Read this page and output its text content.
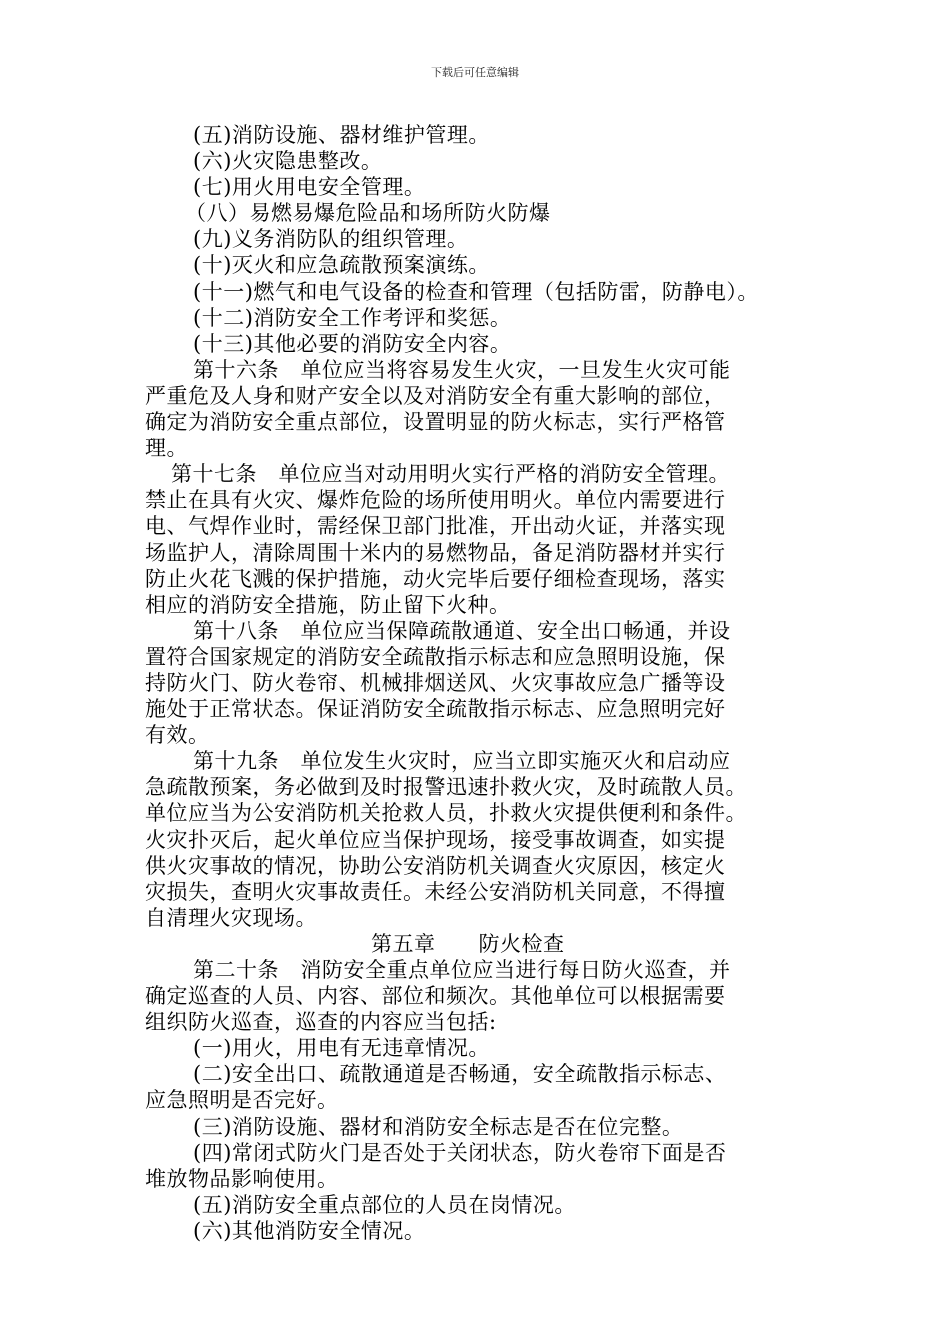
下载后可任意编辑
(五)消防设施、器材维护管理。
(六)火灾隐患整改。
(七)用火用电安全管理。
（八）易燃易爆危险品和场所防火防爆
(九)义务消防队的组织管理。
(十)灭火和应急疏散预案演练。
(十一)燃气和电气设备的检查和管理（包括防雷，防静电）。
(十二)消防安全工作考评和奖惩。
(十三)其他必要的消防安全内容。
第十六条　单位应当将容易发生火灾，一旦发生火灾可能
严重危及人身和财产安全以及对消防安全有重大影响的部位，
确定为消防安全重点部位，设置明显的防火标志，实行严格管
理。
第十七条　单位应当对动用明火实行严格的消防安全管理。
禁止在具有火灾、爆炸危险的场所使用明火。单位内需要进行
电、气焊作业时，需经保卫部门批准，开出动火证，并落实现
场监护人，清除周围十米内的易燃物品，备足消防器材并实行
防止火花飞溅的保护措施，动火完毕后要仔细检查现场，落实
相应的消防安全措施，防止留下火种。
第十八条　单位应当保障疏散通道、安全出口畅通，并设
置符合国家规定的消防安全疏散指示标志和应急照明设施，保
持防火门、防火卷帘、机械排烟送风、火灾事故应急广播等设
施处于正常状态。保证消防安全疏散指示标志、应急照明完好
有效。
第十九条　单位发生火灾时，应当立即实施灭火和启动应
急疏散预案，务必做到及时报警迅速扑救火灾，及时疏散人员。
单位应当为公安消防机关抢救人员，扑救火灾提供便利和条件。
火灾扑灭后，起火单位应当保护现场，接受事故调查，如实提
供火灾事故的情况，协助公安消防机关调查火灾原因，核定火
灾损失，查明火灾事故责任。未经公安消防机关同意，不得擅
自清理火灾现场。
第五章　　防火检查
第二十条　消防安全重点单位应当进行每日防火巡查，并
确定巡查的人员、内容、部位和频次。其他单位可以根据需要
组织防火巡查，巡查的内容应当包括:
(一)用火，用电有无违章情况。
(二)安全出口、疏散通道是否畅通，安全疏散指示标志、
应急照明是否完好。
(三)消防设施、器材和消防安全标志是否在位完整。
(四)常闭式防火门是否处于关闭状态，防火卷帘下面是否
堆放物品影响使用。
(五)消防安全重点部位的人员在岗情况。
(六)其他消防安全情况。
